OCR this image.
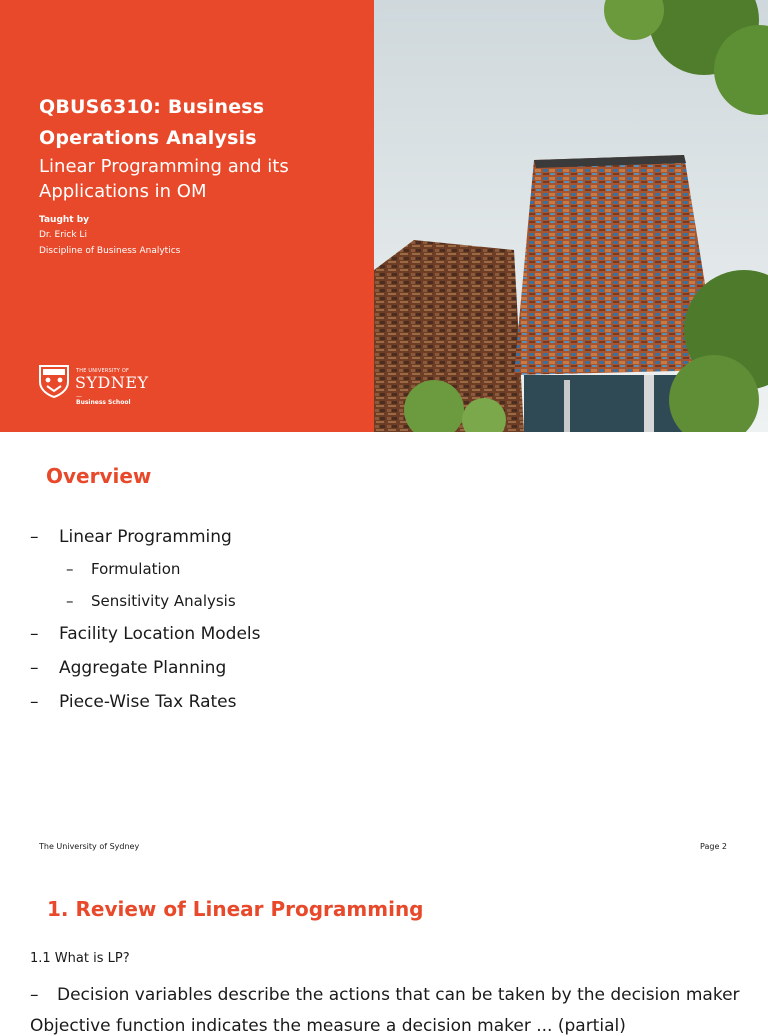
QBUS6310: Business
Operations Analysis
Linear Programming and its
Applications in OM
Taught by
Dr. Erick Li
Discipline of Business Analytics
THE UNIVERSITY OF
SYDNEY
—
Business School
Overview
– Linear Programming
– Formulation
– Sensitivity Analysis
– Facility Location Models
– Aggregate Planning
– Piece-Wise Tax Rates
The University of Sydney	Page 2
1. Review of Linear Programming
1.1 What is LP?
– Decision variables describe the actions that can be taken by the decision maker
Objective function indicates the measure a decision maker ... (partial)
